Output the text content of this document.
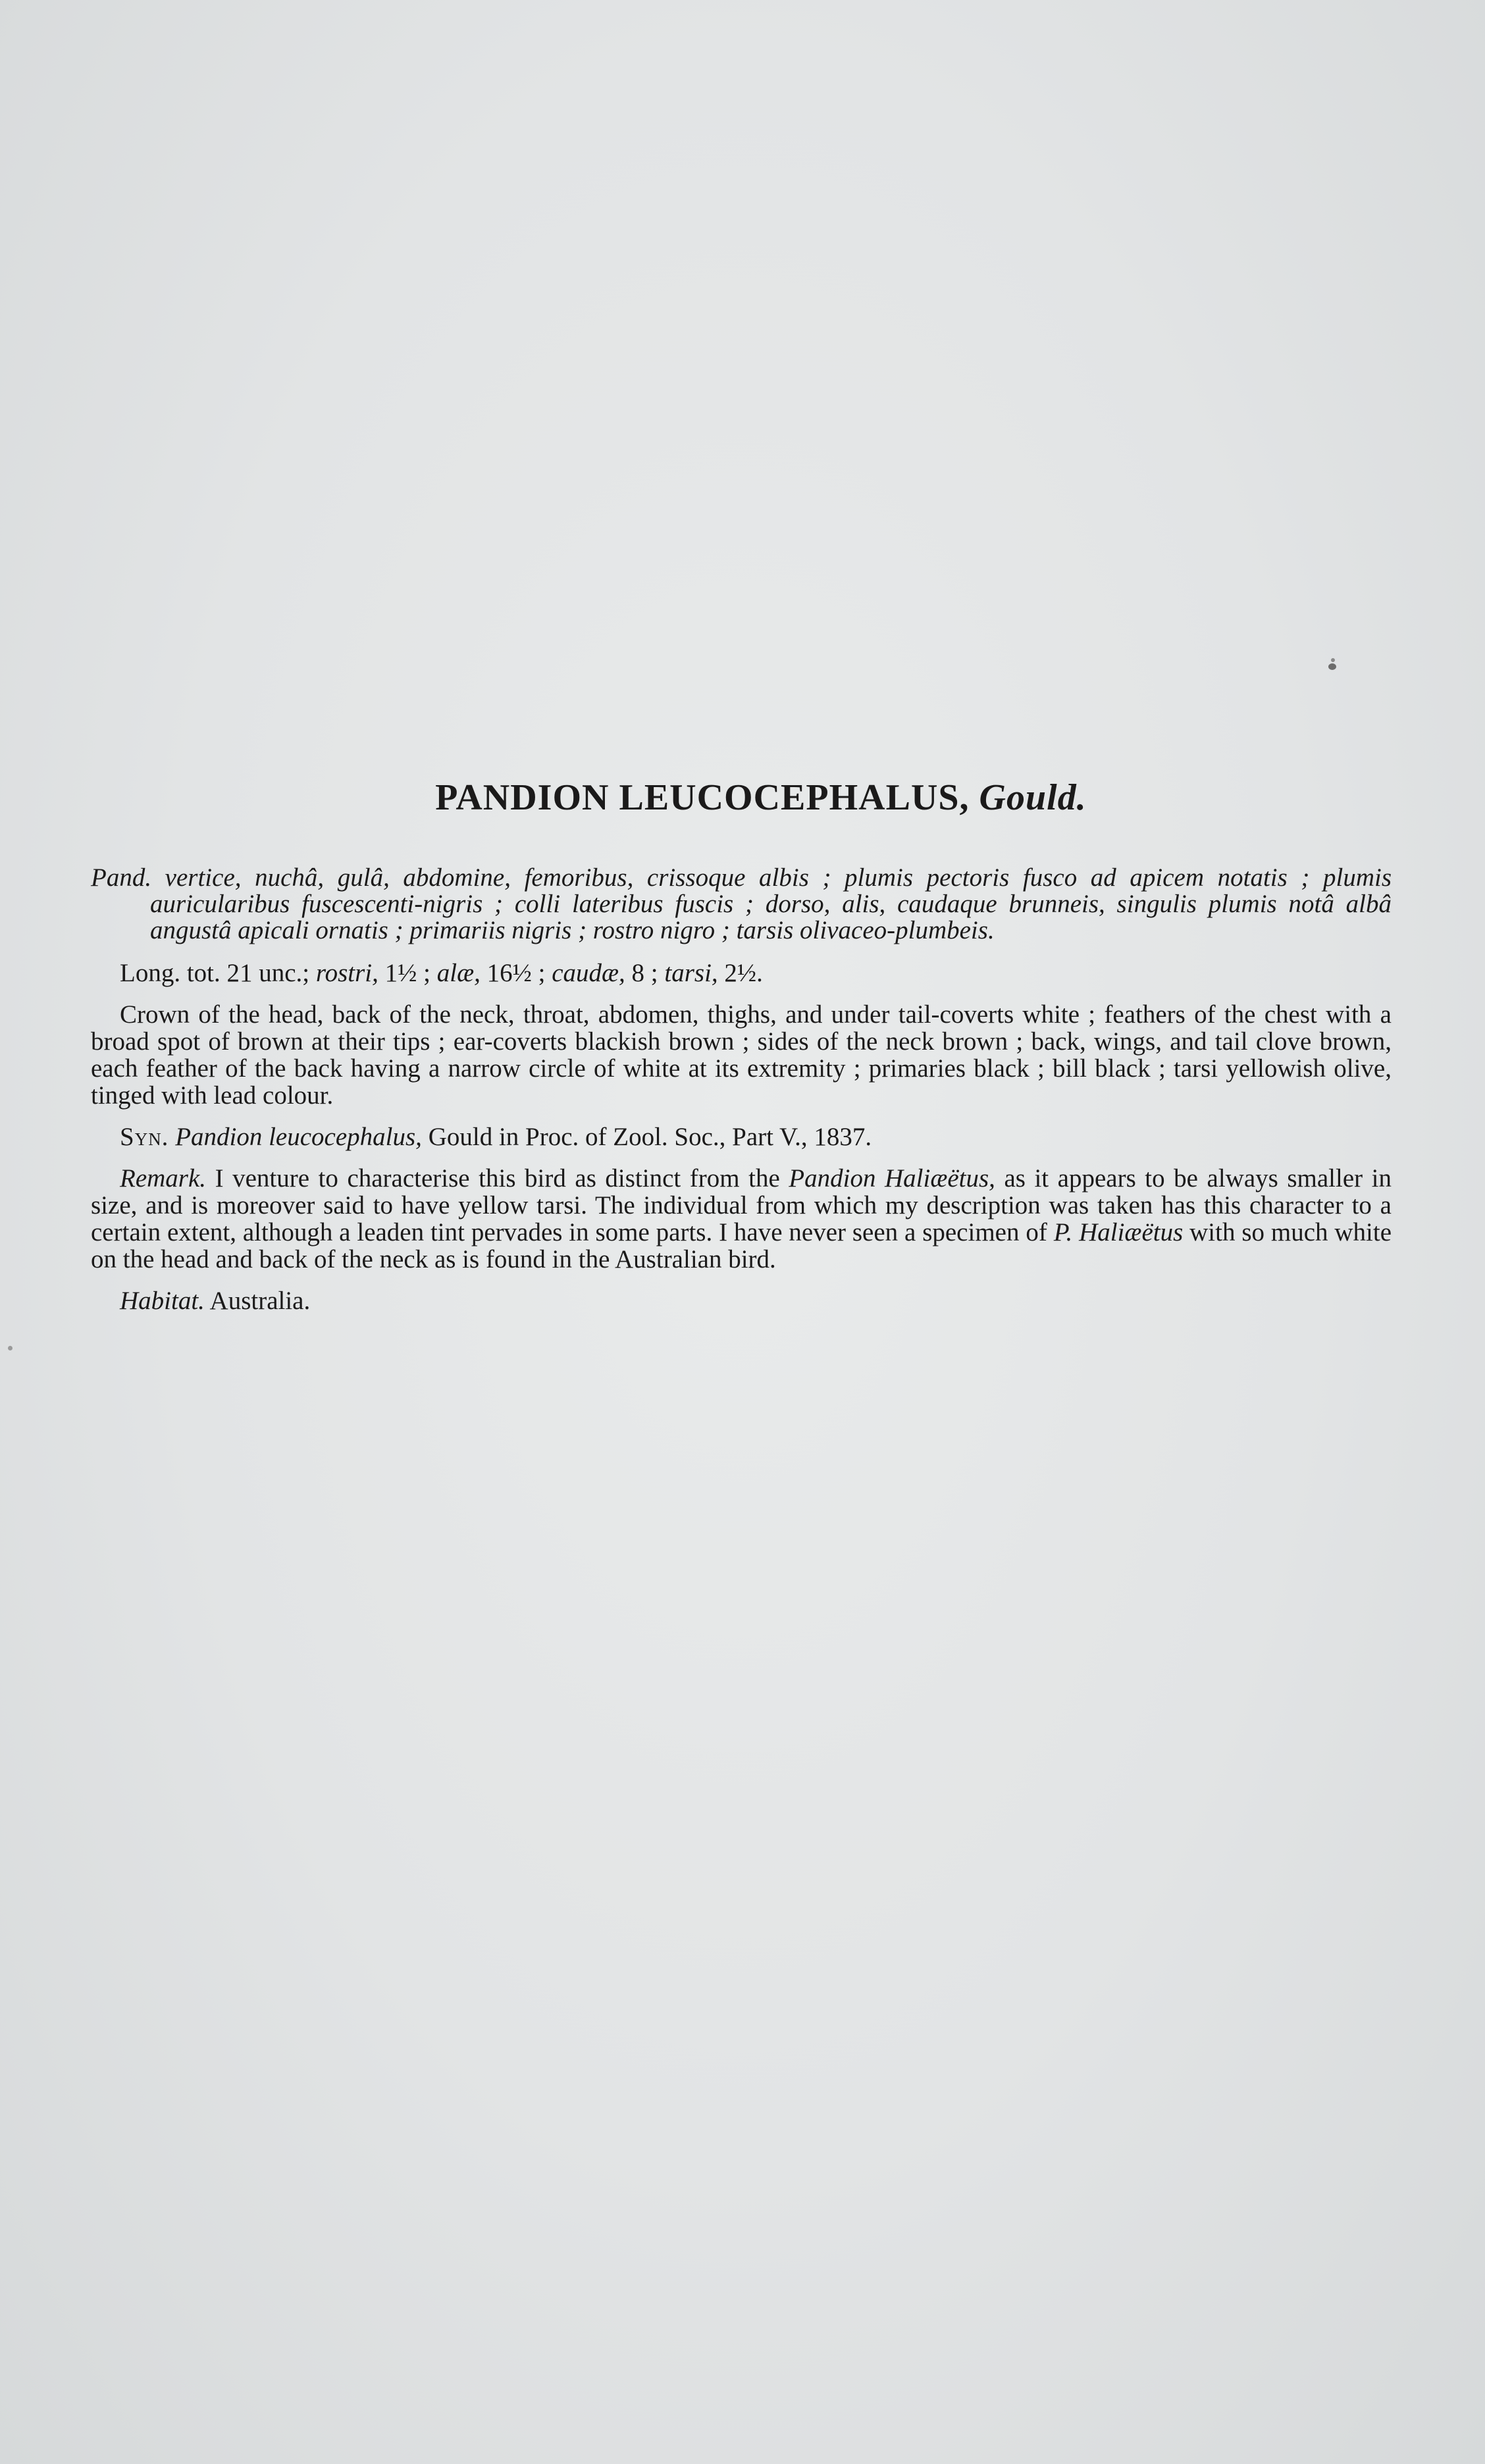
PANDION LEUCOCEPHALUS, Gould.

Pand. vertice, nuchâ, gulâ, abdomine, femoribus, crissoque albis ; plumis pectoris fusco ad apicem notatis ; plumis auricularibus fuscescenti-nigris ; colli lateribus fuscis ; dorso, alis, caudaque brunneis, singulis plumis notâ albâ angustâ apicali ornatis ; primariis nigris ; rostro nigro ; tarsis olivaceo-plumbeis.

Long. tot. 21 unc.; rostri, 1½ ; alæ, 16½ ; caudæ, 8 ; tarsi, 2½.

Crown of the head, back of the neck, throat, abdomen, thighs, and under tail-coverts white ; feathers of the chest with a broad spot of brown at their tips ; ear-coverts blackish brown ; sides of the neck brown ; back, wings, and tail clove brown, each feather of the back having a narrow circle of white at its extremity ; primaries black ; bill black ; tarsi yellowish olive, tinged with lead colour.

Syn. Pandion leucocephalus, Gould in Proc. of Zool. Soc., Part V., 1837.

Remark. I venture to characterise this bird as distinct from the Pandion Haliæëtus, as it appears to be always smaller in size, and is moreover said to have yellow tarsi. The individual from which my description was taken has this character to a certain extent, although a leaden tint pervades in some parts. I have never seen a specimen of P. Haliæëtus with so much white on the head and back of the neck as is found in the Australian bird.

Habitat. Australia.
